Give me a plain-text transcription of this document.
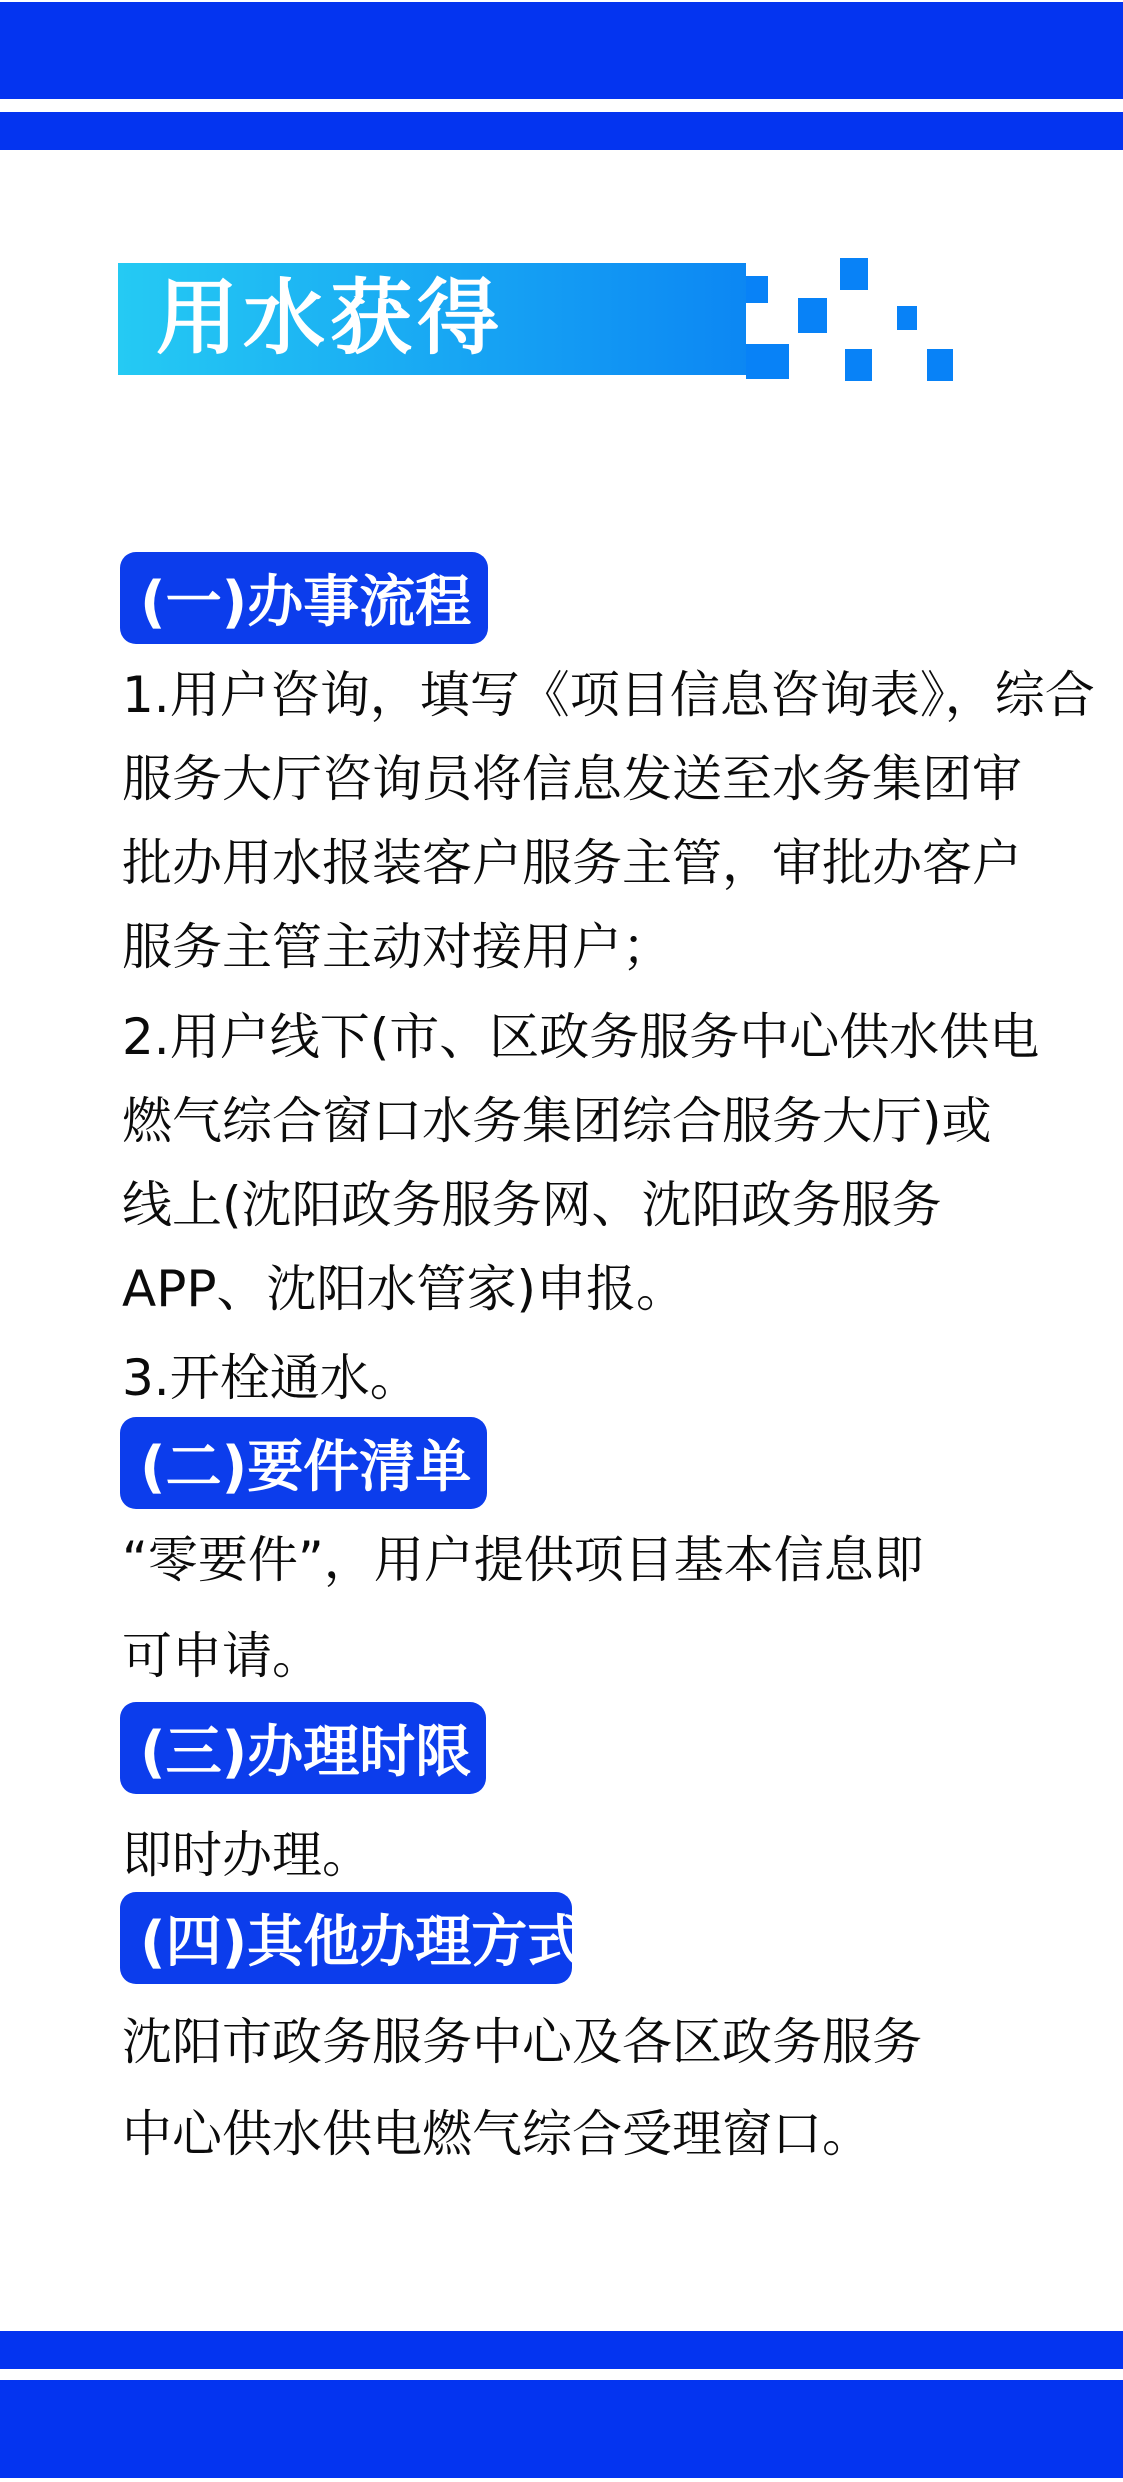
用水获得
(一)办事流程
1.用户咨询，填写《项目信息咨询表》，综合
服务大厅咨询员将信息发送至水务集团审
批办用水报装客户服务主管，审批办客户
服务主管主动对接用户；
2.用户线下(市、区政务服务中心供水供电
燃气综合窗口水务集团综合服务大厅)或
线上(沈阳政务服务网、沈阳政务服务
APP、沈阳水管家)申报。
3.开栓通水。
(二)要件清单
“零要件”，用户提供项目基本信息即
可申请。
(三)办理时限
即时办理。
(四)其他办理方式
沈阳市政务服务中心及各区政务服务
中心供水供电燃气综合受理窗口。
